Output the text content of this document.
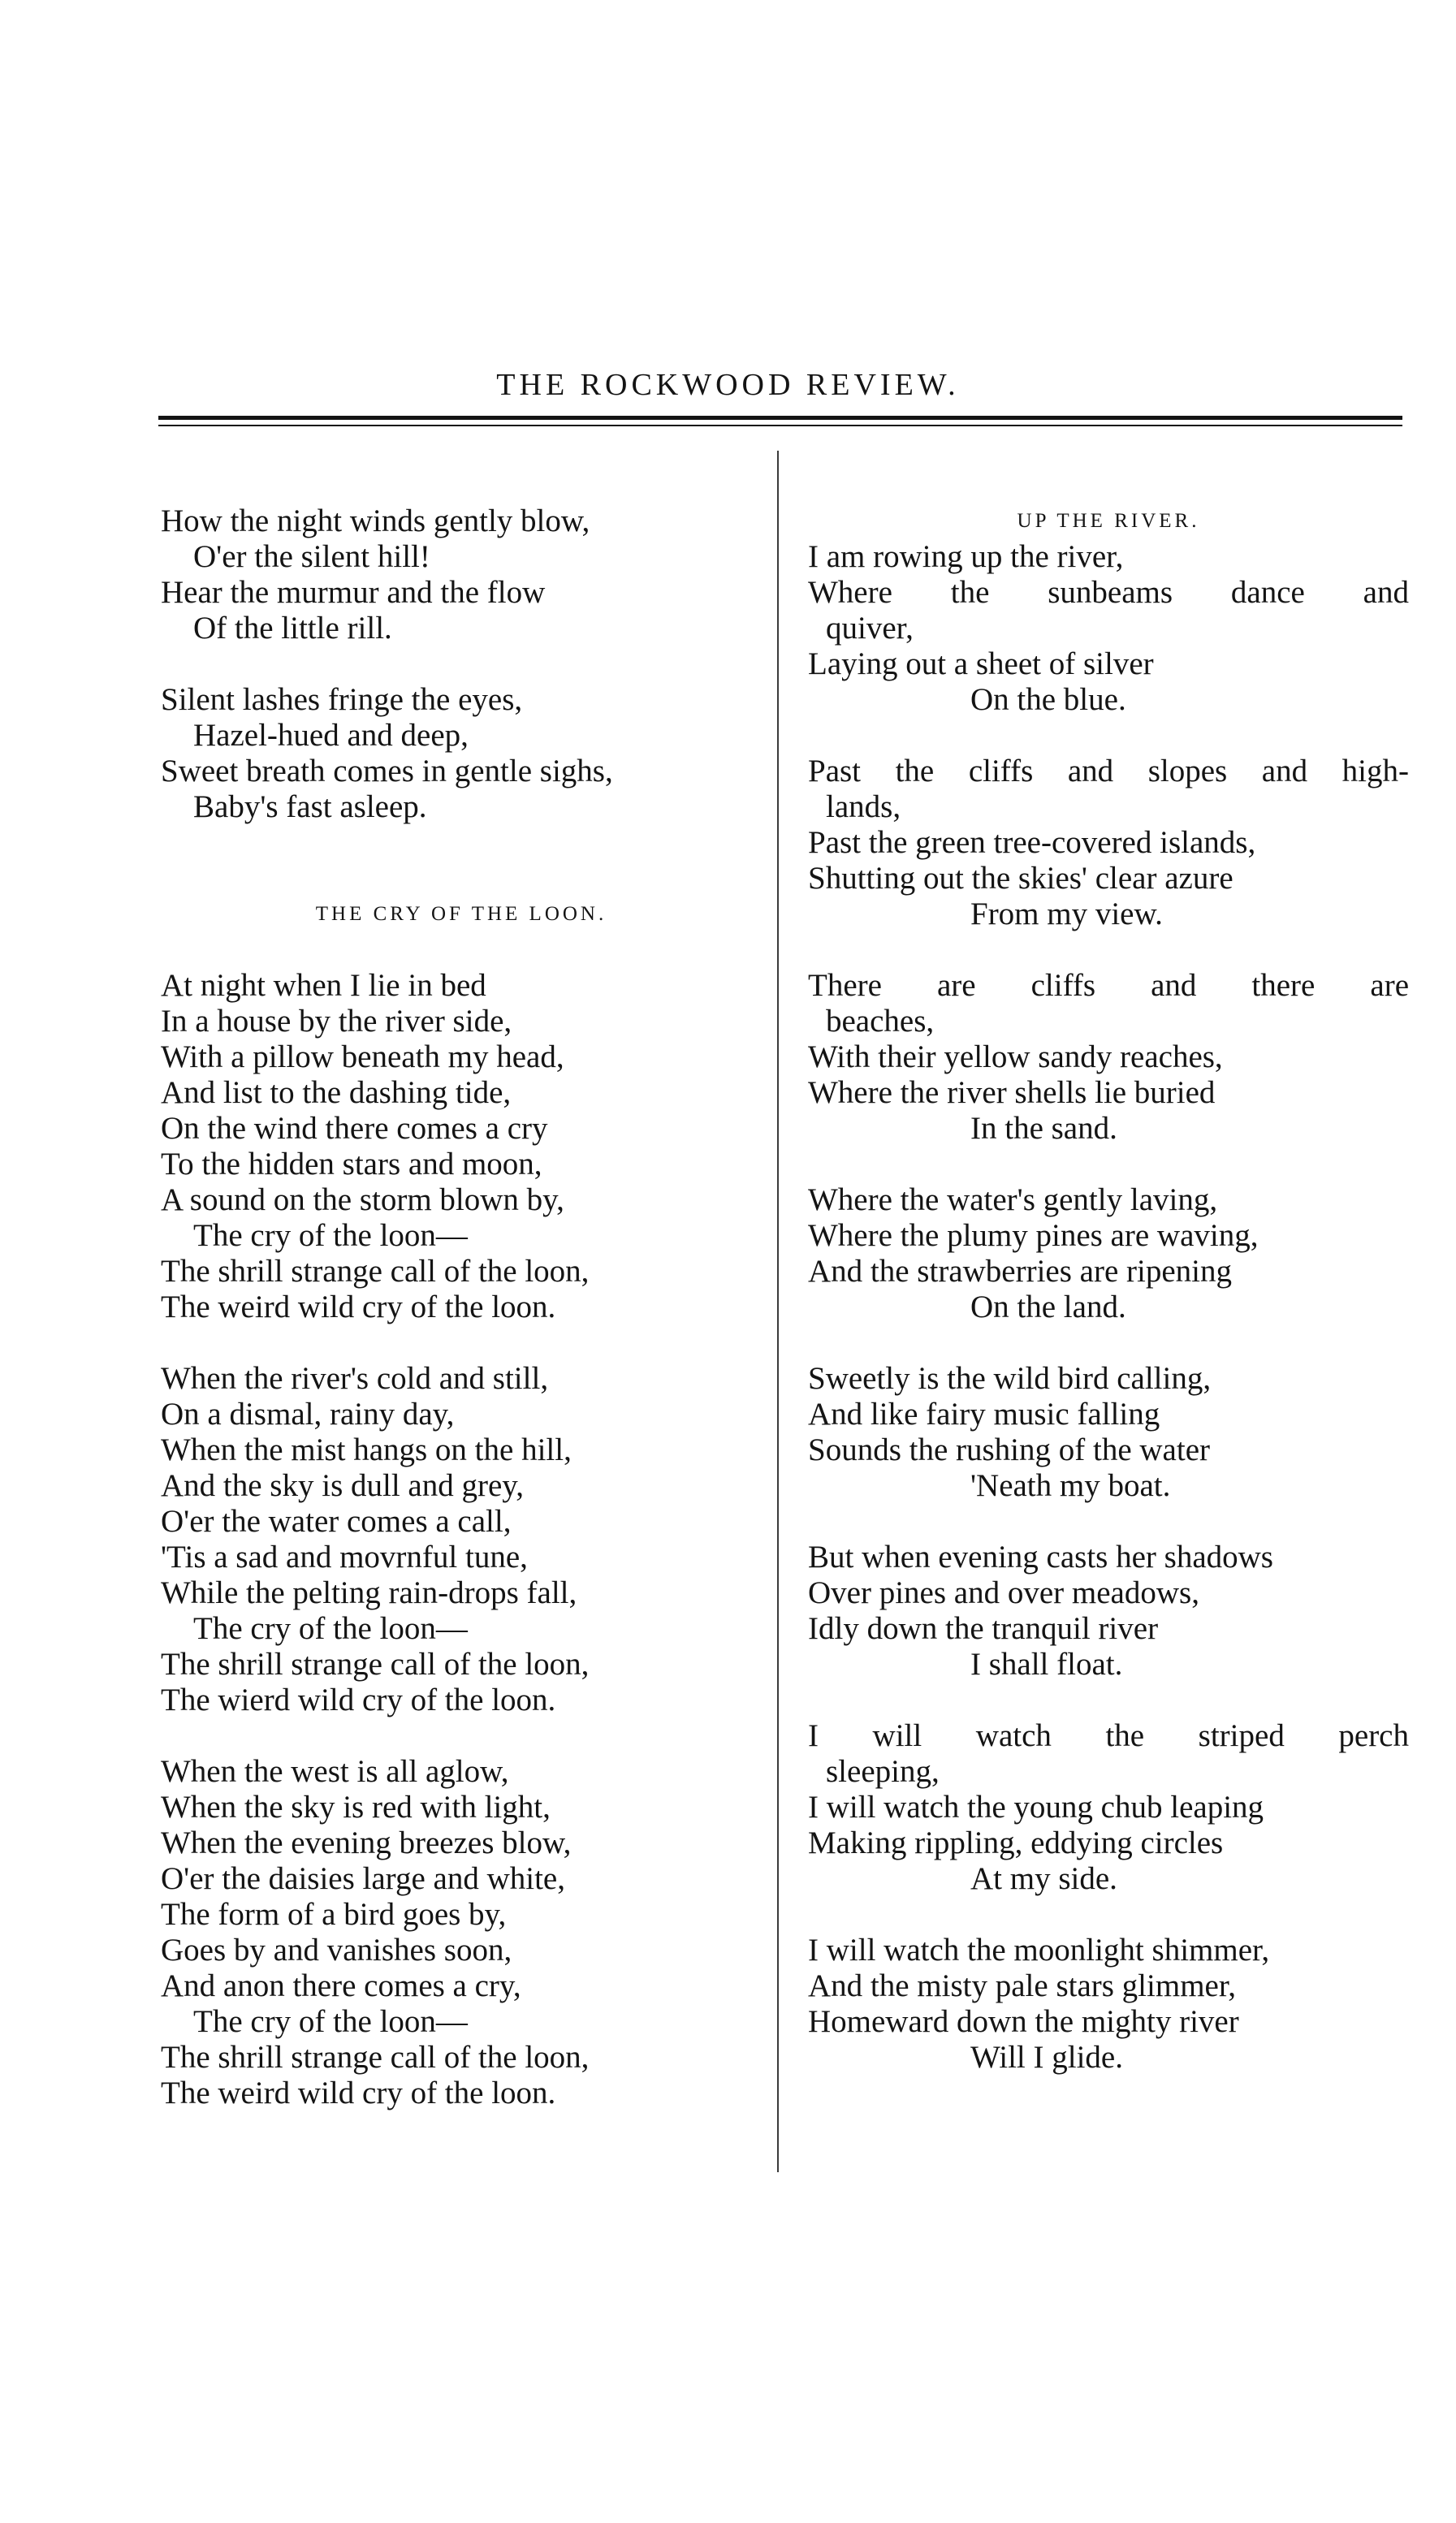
THE ROCKWOOD REVIEW.
How the night winds gently blow,
O'er the silent hill!
Hear the murmur and the flow
Of the little rill.
Silent lashes fringe the eyes,
Hazel-hued and deep,
Sweet breath comes in gentle sighs,
Baby's fast asleep.
THE CRY OF THE LOON.
At night when I lie in bed
In a house by the river side,
With a pillow beneath my head,
And list to the dashing tide,
On the wind there comes a cry
To the hidden stars and moon,
A sound on the storm blown by,
The cry of the loon—
The shrill strange call of the loon,
The weird wild cry of the loon.
When the river's cold and still,
On a dismal, rainy day,
When the mist hangs on the hill,
And the sky is dull and grey,
O'er the water comes a call,
'Tis a sad and movrnful tune,
While the pelting rain-drops fall,
The cry of the loon—
The shrill strange call of the loon,
The wierd wild cry of the loon.
When the west is all aglow,
When the sky is red with light,
When the evening breezes blow,
O'er the daisies large and white,
The form of a bird goes by,
Goes by and vanishes soon,
And anon there comes a cry,
The cry of the loon—
The shrill strange call of the loon,
The weird wild cry of the loon.
UP THE RIVER.
I am rowing up the river,
Where the sunbeams dance and
quiver,
Laying out a sheet of silver
On the blue.
Past the cliffs and slopes and high-
lands,
Past the green tree-covered islands,
Shutting out the skies' clear azure
From my view.
There are cliffs and there are
beaches,
With their yellow sandy reaches,
Where the river shells lie buried
In the sand.
Where the water's gently laving,
Where the plumy pines are waving,
And the strawberries are ripening
On the land.
Sweetly is the wild bird calling,
And like fairy music falling
Sounds the rushing of the water
'Neath my boat.
But when evening casts her shadows
Over pines and over meadows,
Idly down the tranquil river
I shall float.
I will watch the striped perch
sleeping,
I will watch the young chub leaping
Making rippling, eddying circles
At my side.
I will watch the moonlight shimmer,
And the misty pale stars glimmer,
Homeward down the mighty river
Will I glide.
